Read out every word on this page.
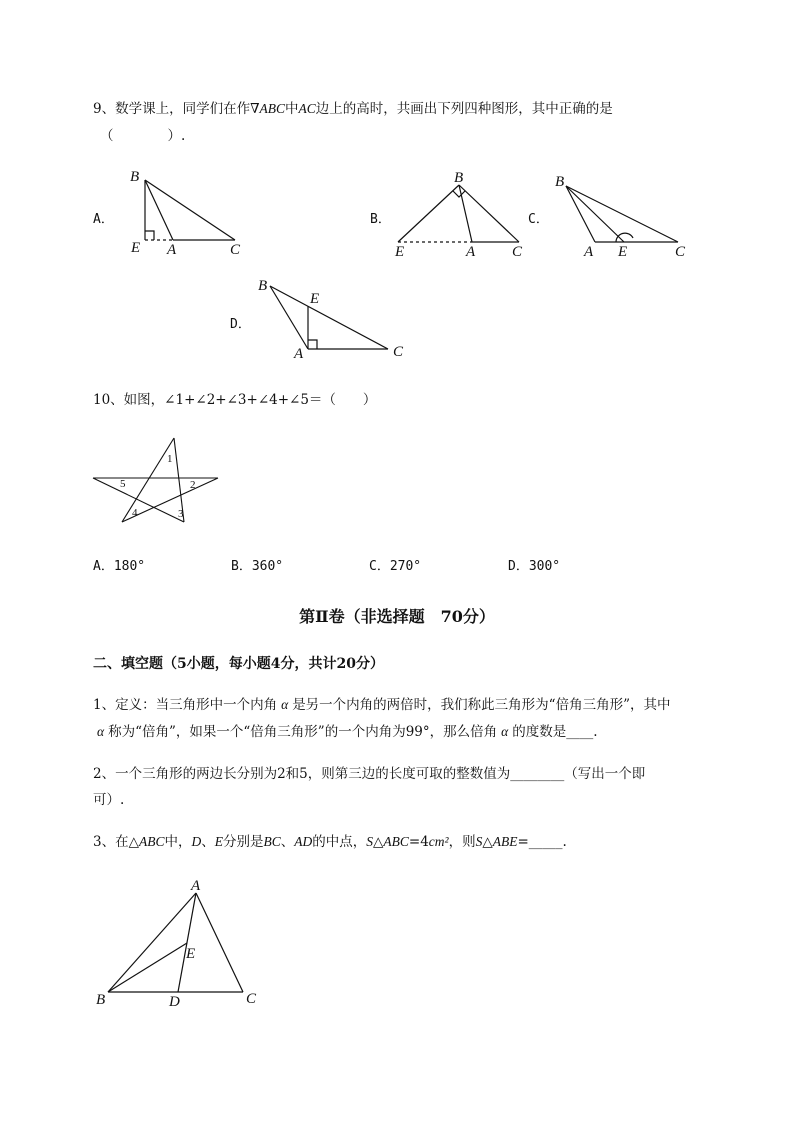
9、数学课上，同学们在作∇ABC中AC边上的高时，共画出下列四种图形，其中正确的是
（　　　　）.
A．	B．	C．
D．
B
E A	C
B
E	A C
B
A E	C
B
E
A	C
1
2
3
4
5
A
E
B	D	C
10、如图，∠1+∠2+∠3+∠4+∠5＝（　　）
A．180°	B．360°	C．270°	D．300°
第Ⅱ卷（非选择题　70分）
二、填空题（5小题，每小题4分，共计20分）
1、定义：当三角形中一个内角 α 是另一个内角的两倍时，我们称此三角形为“倍角三角形”，其中
α 称为“倍角”，如果一个“倍角三角形”的一个内角为99°，那么倍角 α 的度数是____.
2、一个三角形的两边长分别为2和5，则第三边的长度可取的整数值为________（写出一个即
可）.
3、在△ABC中，D、E分别是BC、AD的中点，S△ABC=4cm²，则S△ABE=_____.
